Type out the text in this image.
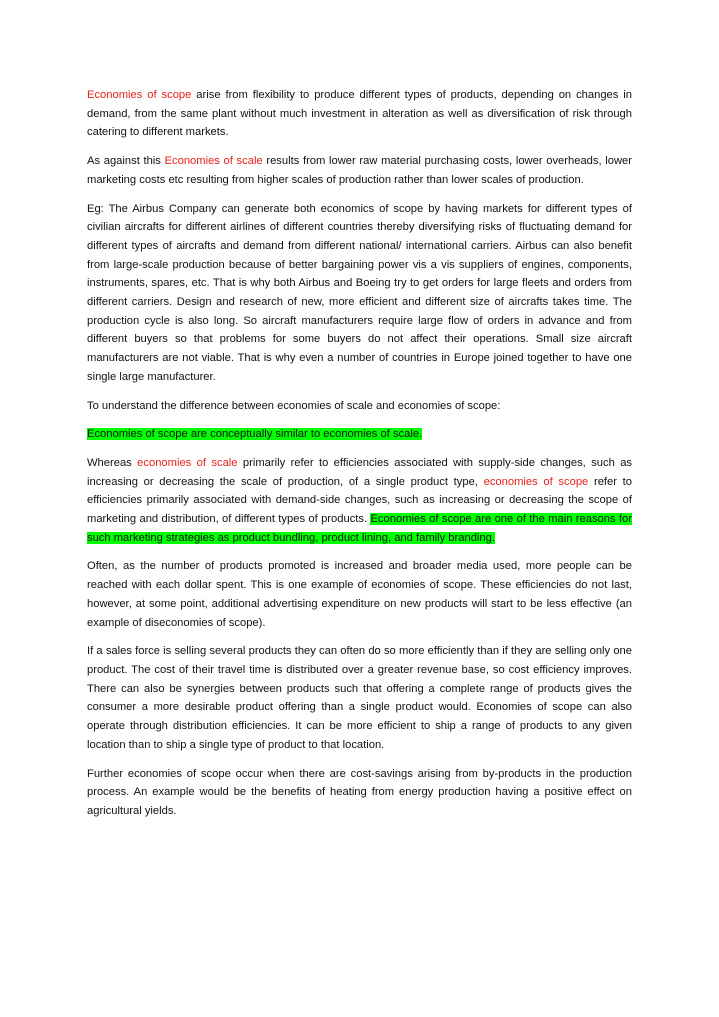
Economies of scope arise from flexibility to produce different types of products, depending on changes in demand, from the same plant without much investment in alteration as well as diversification of risk through catering to different markets.

As against this Economies of scale results from lower raw material purchasing costs, lower overheads, lower marketing costs etc resulting from higher scales of production rather than lower scales of production.

Eg: The Airbus Company can generate both economics of scope by having markets for different types of civilian aircrafts for different airlines of different countries thereby diversifying risks of fluctuating demand for different types of aircrafts and demand from different national/ international carriers. Airbus can also benefit from large-scale production because of better bargaining power vis a vis suppliers of engines, components, instruments, spares, etc. That is why both Airbus and Boeing try to get orders for large fleets and orders from different carriers. Design and research of new, more efficient and different size of aircrafts takes time. The production cycle is also long. So aircraft manufacturers require large flow of orders in advance and from different buyers so that problems for some buyers do not affect their operations. Small size aircraft manufacturers are not viable. That is why even a number of countries in Europe joined together to have one single large manufacturer.

To understand the difference between economies of scale and economies of scope:

Economies of scope are conceptually similar to economies of scale.

Whereas economies of scale primarily refer to efficiencies associated with supply-side changes, such as increasing or decreasing the scale of production, of a single product type, economies of scope refer to efficiencies primarily associated with demand-side changes, such as increasing or decreasing the scope of marketing and distribution, of different types of products. Economies of scope are one of the main reasons for such marketing strategies as product bundling, product lining, and family branding.

Often, as the number of products promoted is increased and broader media used, more people can be reached with each dollar spent. This is one example of economies of scope. These efficiencies do not last, however, at some point, additional advertising expenditure on new products will start to be less effective (an example of diseconomies of scope).

If a sales force is selling several products they can often do so more efficiently than if they are selling only one product. The cost of their travel time is distributed over a greater revenue base, so cost efficiency improves. There can also be synergies between products such that offering a complete range of products gives the consumer a more desirable product offering than a single product would. Economies of scope can also operate through distribution efficiencies. It can be more efficient to ship a range of products to any given location than to ship a single type of product to that location.

Further economies of scope occur when there are cost-savings arising from by-products in the production process. An example would be the benefits of heating from energy production having a positive effect on agricultural yields.
